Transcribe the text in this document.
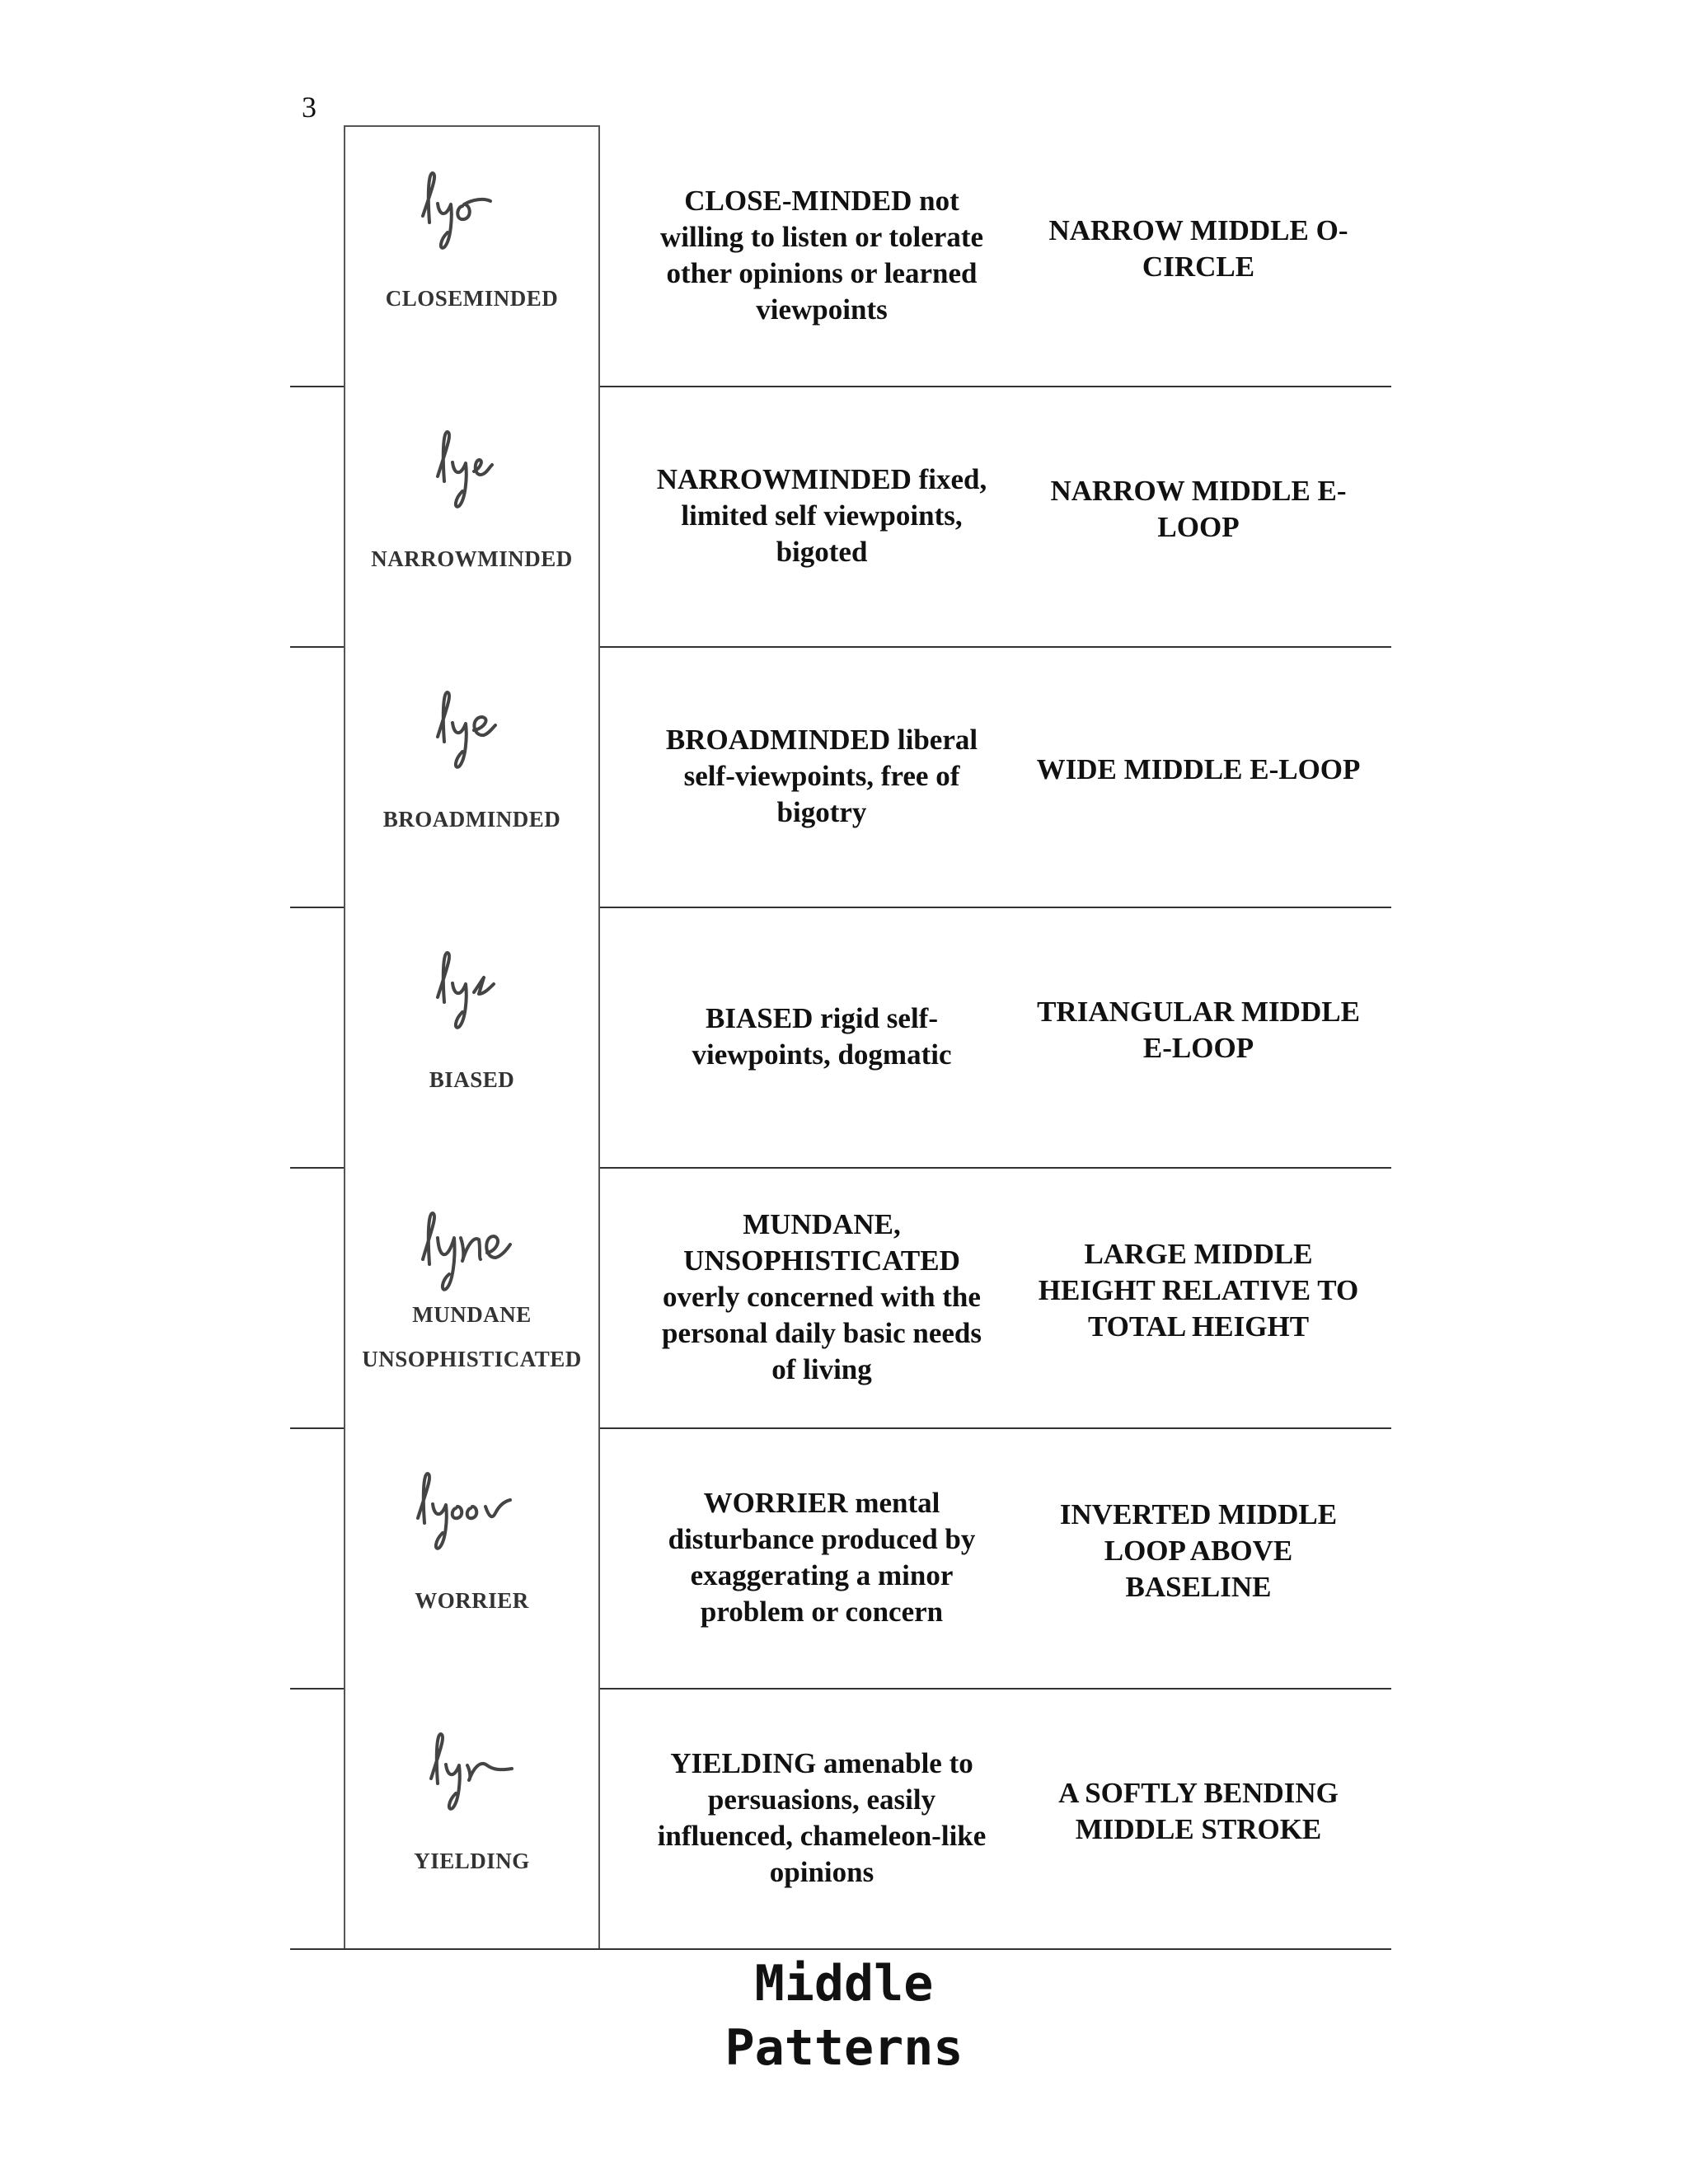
3
CLOSEMINDED
CLOSE-MINDED not willing to listen or tolerate other opinions or learned viewpoints
NARROW MIDDLE O-CIRCLE
NARROWMINDED
NARROWMINDED fixed, limited self viewpoints, bigoted
NARROW MIDDLE E-LOOP
BROADMINDED
BROADMINDED liberal self-viewpoints, free of bigotry
WIDE MIDDLE E-LOOP
BIASED
BIASED rigid self-viewpoints, dogmatic
TRIANGULAR MIDDLE E-LOOP
MUNDANE UNSOPHISTICATED
MUNDANE, UNSOPHISTICATED overly concerned with the personal daily basic needs of living
LARGE MIDDLE HEIGHT RELATIVE TO TOTAL HEIGHT
WORRIER
WORRIER mental disturbance produced by exaggerating a minor problem or concern
INVERTED MIDDLE LOOP ABOVE BASELINE
YIELDING
YIELDING amenable to persuasions, easily influenced, chameleon-like opinions
A SOFTLY BENDING MIDDLE STROKE
Middle Patterns
